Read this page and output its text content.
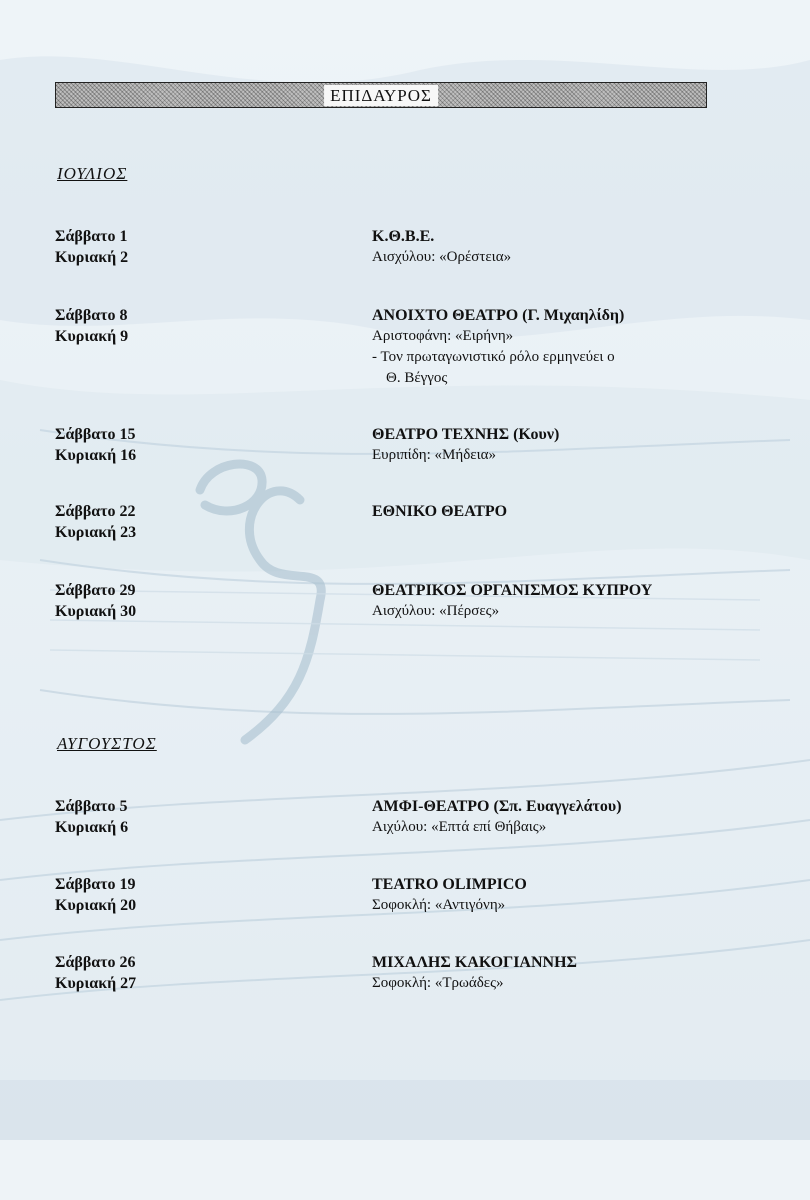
ΕΠΙΔΑΥΡΟΣ
ΙΟΥΛΙΟΣ
Σάββατο 1
Κυριακή 2
Κ.Θ.Β.Ε.
Αισχύλου: «Ορέστεια»
Σάββατο 8
Κυριακή 9
ΑΝΟΙΧΤΟ ΘΕΑΤΡΟ (Γ. Μιχαηλίδη)
Αριστοφάνη: «Ειρήνη»
- Τον πρωταγωνιστικό ρόλο ερμηνεύει ο
Θ. Βέγγος
Σάββατο 15
Κυριακή 16
ΘΕΑΤΡΟ ΤΕΧΝΗΣ (Κουν)
Ευριπίδη: «Μήδεια»
Σάββατο 22
Κυριακή 23
ΕΘΝΙΚΟ ΘΕΑΤΡΟ
Σάββατο 29
Κυριακή 30
ΘΕΑΤΡΙΚΟΣ ΟΡΓΑΝΙΣΜΟΣ ΚΥΠΡΟΥ
Αισχύλου: «Πέρσες»
ΑΥΓΟΥΣΤΟΣ
Σάββατο 5
Κυριακή 6
ΑΜΦΙ-ΘΕΑΤΡΟ (Σπ. Ευαγγελάτου)
Αιχύλου: «Επτά επί Θήβαις»
Σάββατο 19
Κυριακή 20
TEATRO OLIMPICO
Σοφοκλή: «Αντιγόνη»
Σάββατο 26
Κυριακή 27
ΜΙΧΑΛΗΣ ΚΑΚΟΓΙΑΝΝΗΣ
Σοφοκλή: «Τρωάδες»
